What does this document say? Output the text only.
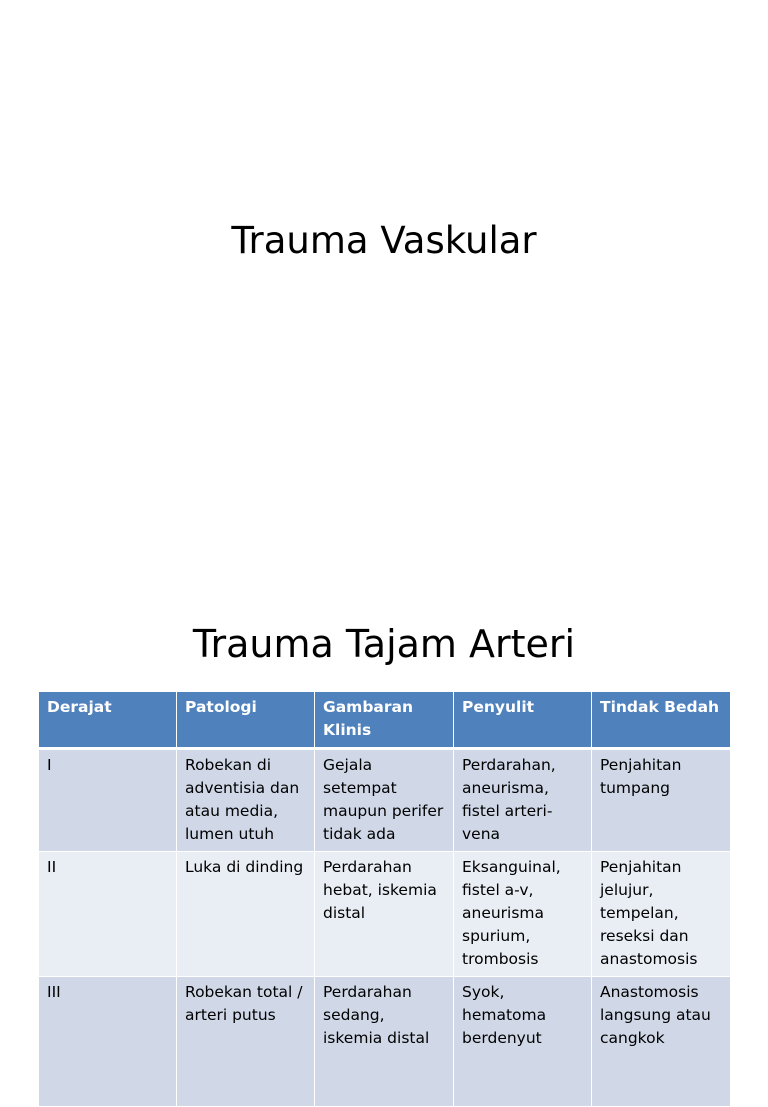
Trauma Vaskular
Trauma Tajam Arteri
Derajat	Patologi	Gambaran Klinis	Penyulit	Tindak Bedah
I	Robekan di adventisia dan atau media, lumen utuh	Gejala setempat maupun perifer tidak ada	Perdarahan, aneurisma, fistel arteri-vena	Penjahitan tumpang
II	Luka di dinding	Perdarahan hebat, iskemia distal	Eksanguinal, fistel a-v, aneurisma spurium, trombosis	Penjahitan jelujur, tempelan, reseksi dan anastomosis
III	Robekan total / arteri putus	Perdarahan sedang, iskemia distal	Syok, hematoma berdenyut	Anastomosis langsung atau cangkok
